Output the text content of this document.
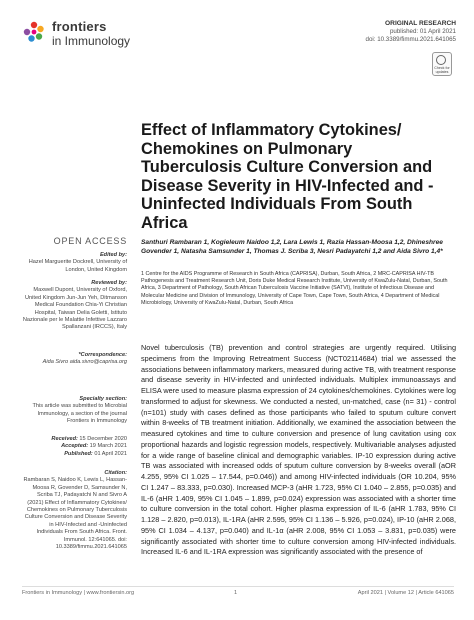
frontiers
in Immunology
ORIGINAL RESEARCH
published: 01 April 2021
doi: 10.3389/fimmu.2021.641065
Check for updates
Effect of Inflammatory Cytokines/ Chemokines on Pulmonary Tuberculosis Culture Conversion and Disease Severity in HIV-Infected and -Uninfected Individuals From South Africa
OPEN ACCESS
Edited by:
Hazel Marguerite Dockrell, University of London, United Kingdom
Reviewed by:
Maxwell Dupont, University of Oxford, United Kingdom Jun-Jun Yeh, Ditmanson Medical Foundation Chia-Yi Christian Hospital, Taiwan Delia Goletti, Istituto Nazionale per le Malattie Infettive Lazzaro Spallanzani (IRCCS), Italy
*Correspondence:
Aida Sivro aida.sivro@caprisa.org
Specialty section:
This article was submitted to Microbial Immunology, a section of the journal Frontiers in Immunology
Received: 15 December 2020
Accepted: 19 March 2021
Published: 01 April 2021
Citation:
Rambaran S, Naidoo K, Lewis L, Hassan-Moosa R, Govender D, Samsunder N, Scriba TJ, Padayatchi N and Sivro A (2021) Effect of Inflammatory Cytokines/ Chemokines on Pulmonary Tuberculosis Culture Conversion and Disease Severity in HIV-Infected and -Uninfected Individuals From South Africa. Front. Immunol. 12:641065. doi: 10.3389/fimmu.2021.641065
Santhuri Rambaran 1, Kogieleum Naidoo 1,2, Lara Lewis 1, Razia Hassan-Moosa 1,2, Dhineshree Govender 1, Natasha Samsunder 1, Thomas J. Scriba 3, Nesri Padayatchi 1,2 and Aida Sivro 1,4*
1 Centre for the AIDS Programme of Research in South Africa (CAPRISA), Durban, South Africa, 2 MRC-CAPRISA HIV-TB Pathogenesis and Treatment Research Unit, Doris Duke Medical Research Institute, University of KwaZulu-Natal, Durban, South Africa, 3 Department of Pathology, South African Tuberculosis Vaccine Initiative (SATVI), Institute of Infectious Disease and Molecular Medicine and Division of Immunology, University of Cape Town, Cape Town, South Africa, 4 Department of Medical Microbiology, University of KwaZulu-Natal, Durban, South Africa
Novel tuberculosis (TB) prevention and control strategies are urgently required. Utilising specimens from the Improving Retreatment Success (NCT02114684) trial we assessed the associations between inflammatory markers, measured during active TB, with treatment response and disease severity in HIV-infected and uninfected individuals. Multiplex immunoassays and ELISA were used to measure plasma expression of 24 cytokines/chemokines. Cytokines were log transformed to adjust for skewness. We conducted a nested, un-matched, case (n= 31) - control (n=101) study with cases defined as those participants who failed to sputum culture convert within 8-weeks of TB treatment initiation. Additionally, we examined the association between the measured cytokines and time to culture conversion and presence of lung cavitation using cox proportional hazards and logistic regression models, respectively. Multivariable analyses adjusted for a wide range of baseline clinical and demographic variables. IP-10 expression during active TB was associated with increased odds of sputum culture conversion by 8-weeks overall (aOR 4.255, 95% CI 1.025 – 17.544, p=0.046)) and among HIV-infected individuals (OR 10.204, 95% CI 1.247 – 83.333, p=0.030). Increased MCP-3 (aHR 1.723, 95% CI 1.040 – 2.855, p=0.035) and IL-6 (aHR 1.409, 95% CI 1.045 – 1.899, p=0.024) expression was associated with a shorter time to culture conversion in the total cohort. Higher plasma expression of IL-6 (aHR 1.783, 95% CI 1.128 – 2.820, p=0.013), IL-1RA (aHR 2.595, 95% CI 1.136 – 5.926, p=0.024), IP-10 (aHR 2.068, 95% CI 1.034 – 4.137, p=0.040) and IL-1α (aHR 2.008, 95% CI 1.053 – 3.831, p=0.035) were significantly associated with shorter time to culture conversion among HIV-infected individuals. Increased IL-6 and IL-1RA expression was significantly associated with the presence of
Frontiers in Immunology | www.frontiersin.org	1	April 2021 | Volume 12 | Article 641065
